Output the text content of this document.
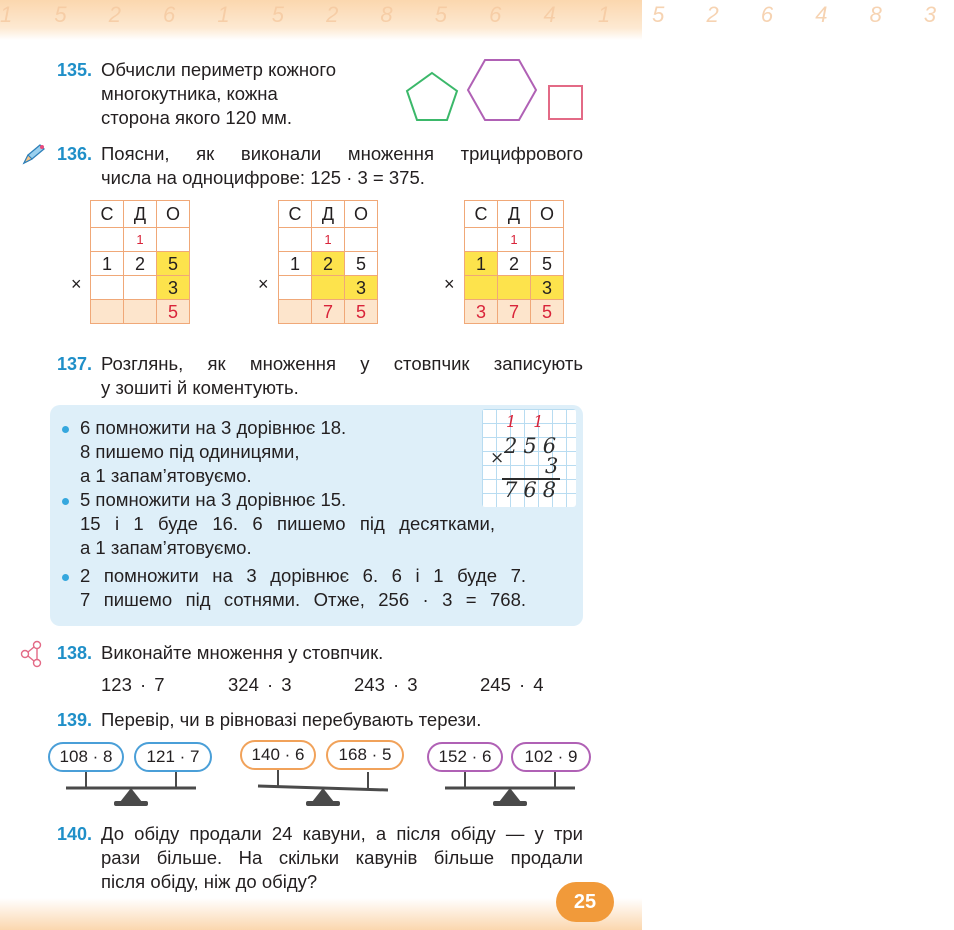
1 5 2 6 1 5 2 8 5 6 4 1 5 2 6 4 8 3
135. Обчисли периметр кожного
многокутника, кожна
сторона якого 120 мм.
136. Поясни, як виконали множення трицифрового
числа на одноцифрове: 125 · 3 = 375.
×
С	Д	О
	1	
1	2	5
		3
		5
×
С	Д	О
	1	
1	2	5
		3
	7	5
×
С	Д	О
	1	
1	2	5
		3
3	7	5
137. Розглянь, як множення у стовпчик записують
у зошиті й коментують.
6 помножити на 3 дорівнює 18.
8 пишемо під одиницями,
а 1 запам’ятовуємо.
5 помножити на 3 дорівнює 15.
15 і 1 буде 16. 6 пишемо під десятками,
а 1 запам’ятовуємо.
2 помножити на 3 дорівнює 6. 6 і 1 буде 7.
7 пишемо під сотнями. Отже, 256 · 3 = 768.
1 1
256
× 3
768
138. Виконайте множення у стовпчик.
123 · 7	324 · 3	243 · 3	245 · 4
139. Перевір, чи в рівновазі перебувають терези.
108 · 8	121 · 7	140 · 6	168 · 5	152 · 6	102 · 9
140. До обіду продали 24 кавуни, а після обіду — у три
рази більше. На скільки кавунів більше продали
після обіду, ніж до обіду?
25
